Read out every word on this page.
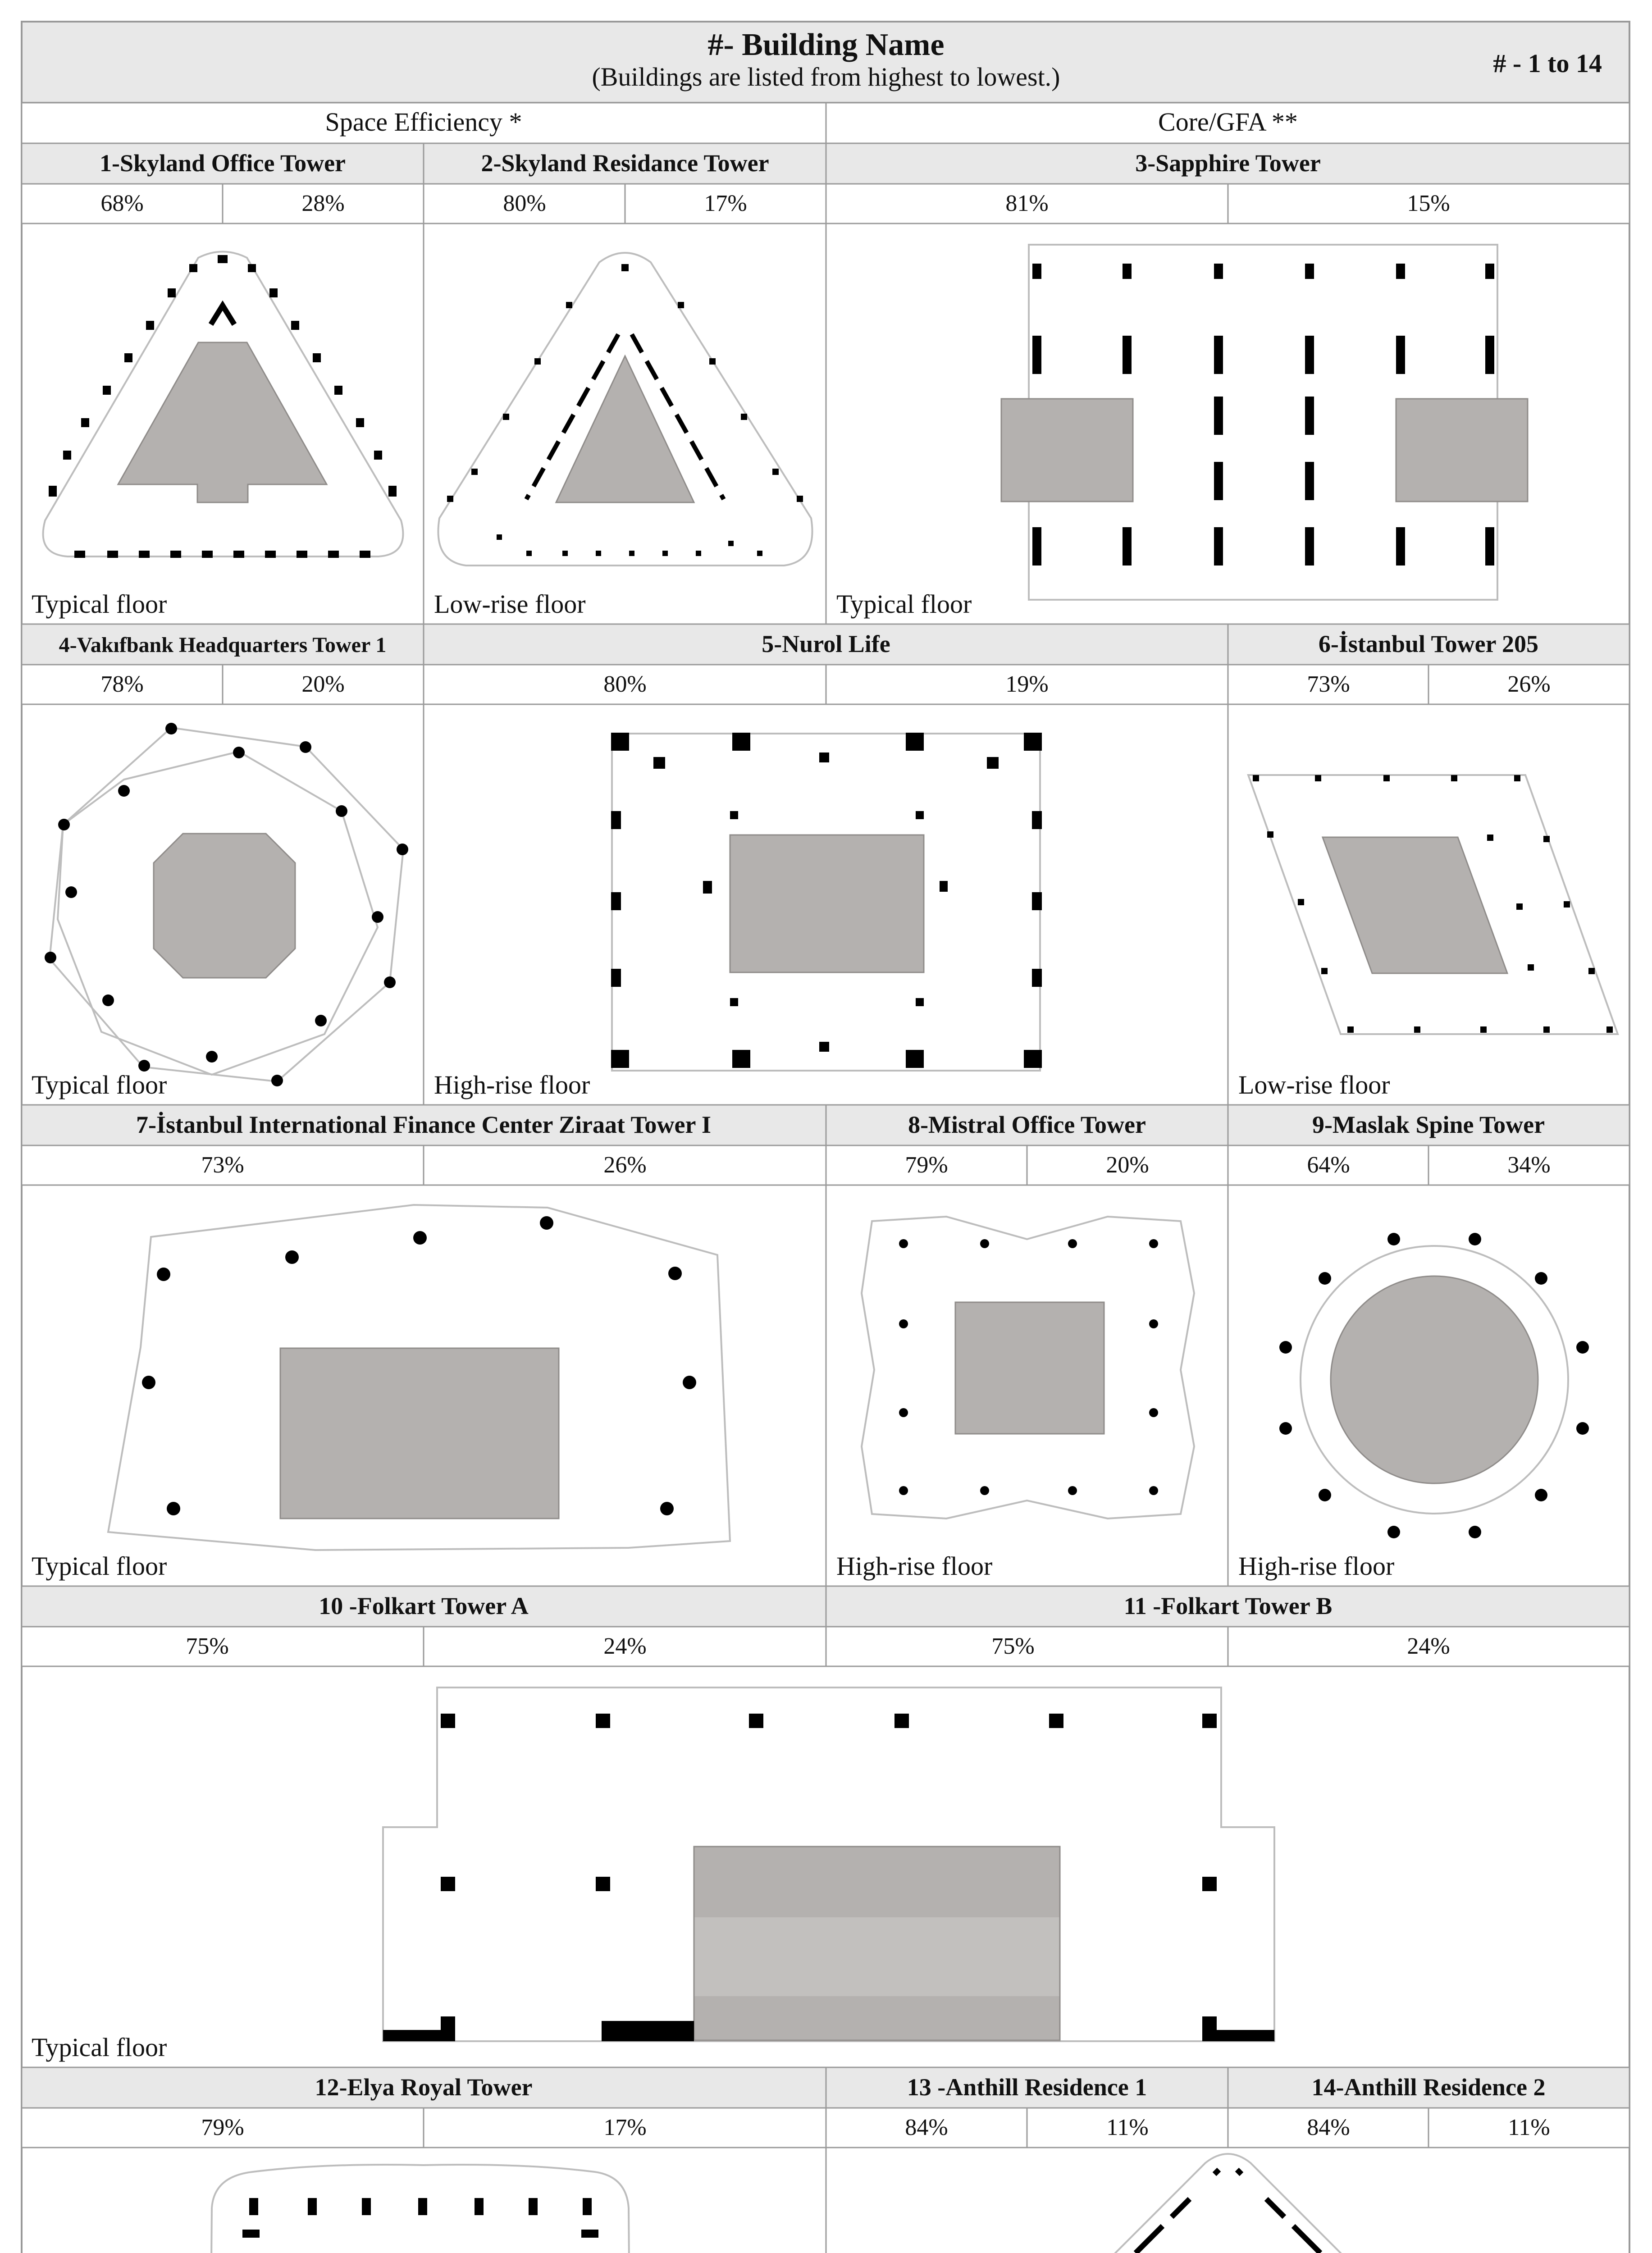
#- Building Name
(Buildings are listed from highest to lowest.)	# - 1 to 14
Space Efficiency *	Core/GFA **
1-Skyland Office Tower	2-Skyland Residance Tower	3-Sapphire Tower
68%	28%	80%	17%	81%	15%
Typical floor	Low-rise floor	Typical floor
4-Vakıfbank Headquarters Tower 1	5-Nurol Life	6-İstanbul Tower 205
78%	20%	80%	19%	73%	26%
Typical floor	High-rise floor	Low-rise floor
7-İstanbul International Finance Center Ziraat Tower I	8-Mistral Office Tower	9-Maslak Spine Tower
73%	26%	79%	20%	64%	34%
Typical floor	High-rise floor	High-rise floor
10 -Folkart Tower A	11 -Folkart Tower B
75%	24%	75%	24%
Typical floor
12-Elya Royal Tower	13 -Anthill Residence 1	14-Anthill Residence 2
79%	17%	84%	11%	84%	11%
